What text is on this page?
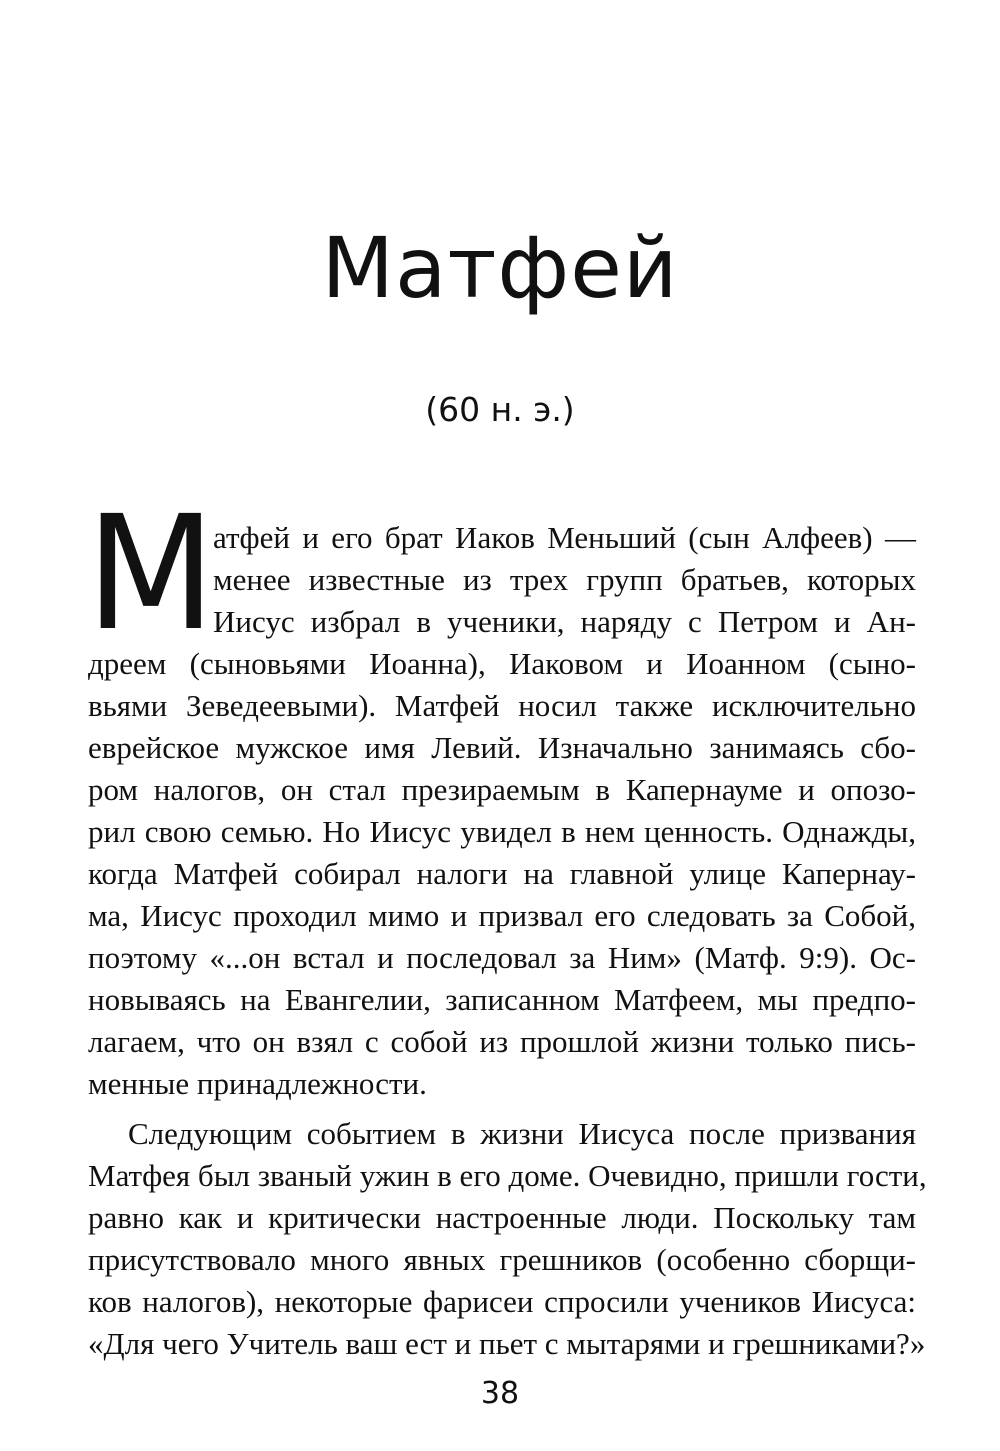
Матфей
(60 н. э.)
М
атфей и его брат Иаков Меньший (сын Алфеев) —
менее известные из трех групп братьев, которых
Иисус избрал в ученики, наряду с Петром и Ан-
дреем (сыновьями Иоанна), Иаковом и Иоанном (сыно-
вьями Зеведеевыми). Матфей носил также исключительно
еврейское мужское имя Левий. Изначально занимаясь сбо-
ром налогов, он стал презираемым в Капернауме и опозо-
рил свою семью. Но Иисус увидел в нем ценность. Однажды,
когда Матфей собирал налоги на главной улице Капернау-
ма, Иисус проходил мимо и призвал его следовать за Собой,
поэтому «...он встал и последовал за Ним» (Матф. 9:9). Ос-
новываясь на Евангелии, записанном Матфеем, мы предпо-
лагаем, что он взял с собой из прошлой жизни только пись-
менные принадлежности.
Следующим событием в жизни Иисуса после призвания
Матфея был званый ужин в его доме. Очевидно, пришли гости,
равно как и критически настроенные люди. Поскольку там
присутствовало много явных грешников (особенно сборщи-
ков налогов), некоторые фарисеи спросили учеников Иисуса:
«Для чего Учитель ваш ест и пьет с мытарями и грешниками?»
38
